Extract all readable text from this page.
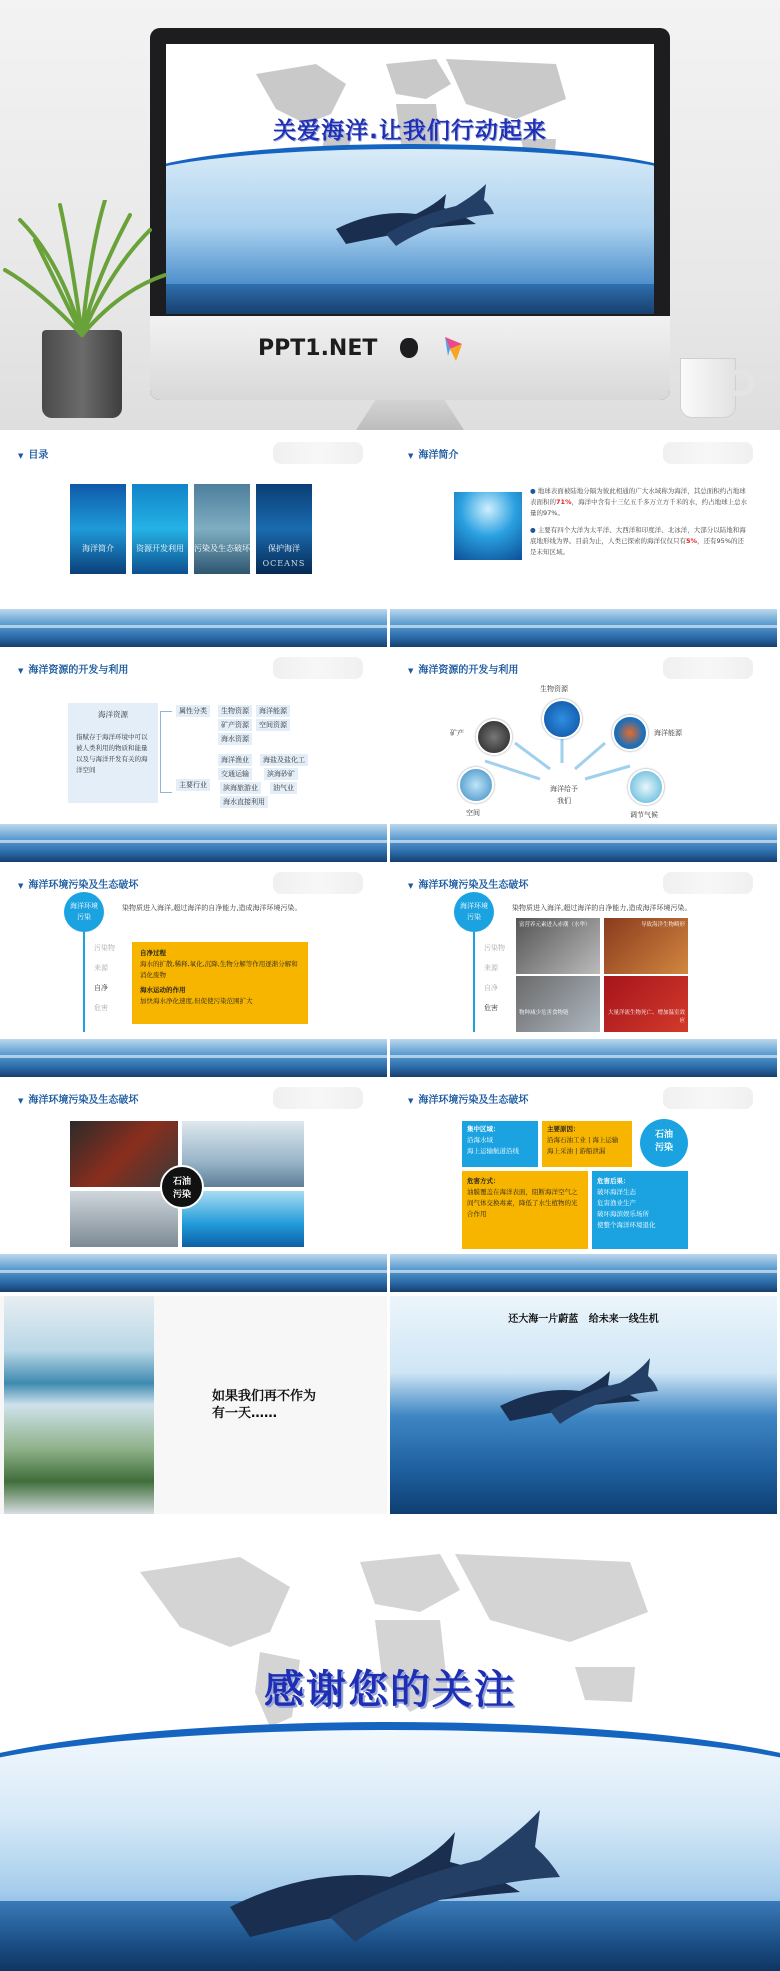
关爱海洋.让我们行动起来
PPT1.NET
▼ 目录
海洋简介	资源开发利用	污染及生态破坏	保护海洋
OCEANS
▼ 海洋简介
● 地球表面被陆地分隔为彼此相通的广大水域称为海洋，其总面积约占地球表面积的71%，海洋中含有十三亿五千多万立方千米的水，约占地球上总水量的97%。
● 主要有四个大洋为太平洋、大西洋和印度洋、北冰洋，大部分以陆地和海底地形线为界。目前为止，人类已探索的海洋仅仅只有5%，还有95%的还是未知区域。
▼ 海洋资源的开发与利用
海洋资源
指赋存于海洋环境中可以被人类利用的物质和能量以及与海洋开发有关的海洋空间
属性分类
主要行业
生物资源	海洋能源
矿产资源	空间资源
海水资源
海洋渔业	海盐及盐化工
交通运输	滨海砂矿
滨海旅游业	油气业
海水直接利用
▼ 海洋资源的开发与利用
生物资源
矿产	海洋能源
空间	调节气候
海洋给予
我们
▼ 海洋环境污染及生态破坏
海洋环境
污染
污染物
来源
自净
危害
染物质进入海洋,超过海洋的自净能力,造成海洋环境污染。
自净过程
海水的扩散,稀释,氧化,沉降,生物分解等作用逐渐分解和消化废物
海水运动的作用
加快海水净化速度,但促使污染范围扩大
▼ 海洋环境污染及生态破坏
海洋环境
污染
污染物
来源
自净
危害
染物质进入海洋,超过海洋的自净能力,造成海洋环境污染。
富营养元素进入赤潮（水华）	导致海洋生物畸形
物种减少危害食物链	大量洋流生物死亡、增加温室效应
▼ 海洋环境污染及生态破坏
石油
污染
▼ 海洋环境污染及生态破坏
集中区域：
沿海水域
海上运输航道沿线
主要原因：
沿海石油工业 | 海上运输
海上采油 | 游船泄漏
石油
污染
危害方式：
油膜覆盖在海洋表面，阻断海洋空气之间气体交换毒素，降低了水生植物的光合作用
危害后果：
破坏海洋生态
危害渔业生产
破坏海滨娱乐场所
使整个海洋环境退化
如果我们再不作为
有一天……
还大海一片蔚蓝   给未来一线生机
感谢您的关注
